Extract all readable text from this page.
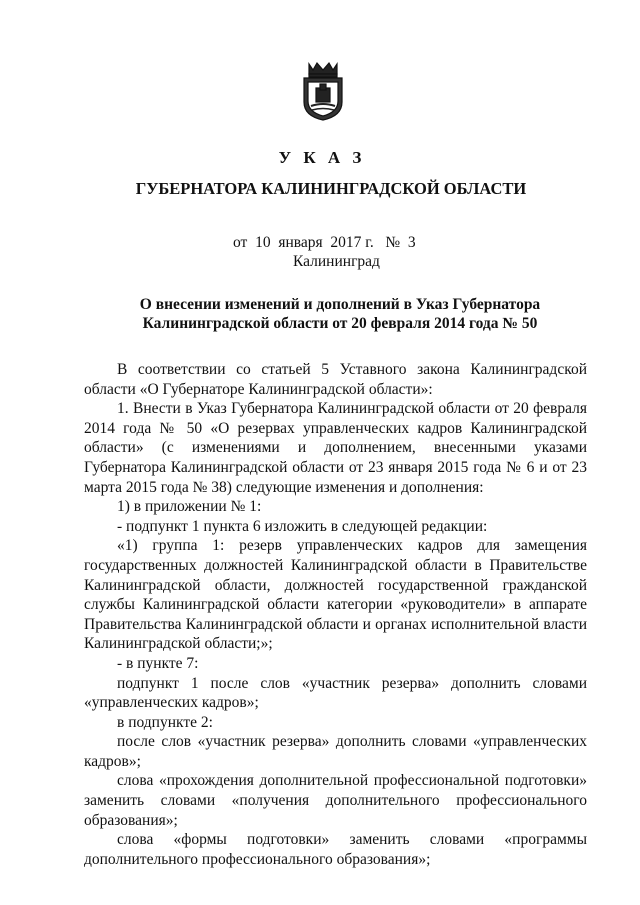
У К А З
ГУБЕРНАТОРА КАЛИНИНГРАДСКОЙ ОБЛАСТИ
от  10  января  2017 г.   №  3
Калининград
О внесении изменений и дополнений в Указ Губернатора
Калининградской области от 20 февраля 2014 года № 50

В соответствии со статьей 5 Уставного закона Калининградской области «О Губернаторе Калининградской области»:

1. Внести в Указ Губернатора Калининградской области от 20 февраля 2014 года № 50 «О резервах управленческих кадров Калининградской области» (с изменениями и дополнением, внесенными указами Губернатора Калининградской области от 23 января 2015 года № 6 и от 23 марта 2015 года № 38) следующие изменения и дополнения:

1) в приложении № 1:

- подпункт 1 пункта 6 изложить в следующей редакции:

«1) группа 1: резерв управленческих кадров для замещения государственных должностей Калининградской области в Правительстве Калининградской области, должностей государственной гражданской службы Калининградской области категории «руководители» в аппарате Правительства Калининградской области и органах исполнительной власти Калининградской области;»;

- в пункте 7:

подпункт 1 после слов «участник резерва» дополнить словами «управленческих кадров»;

в подпункте 2:

после слов «участник резерва» дополнить словами «управленческих кадров»;

слова «прохождения дополнительной профессиональной подготовки» заменить словами «получения дополнительного профессионального образования»;

слова «формы подготовки» заменить словами «программы дополнительного профессионального образования»;
